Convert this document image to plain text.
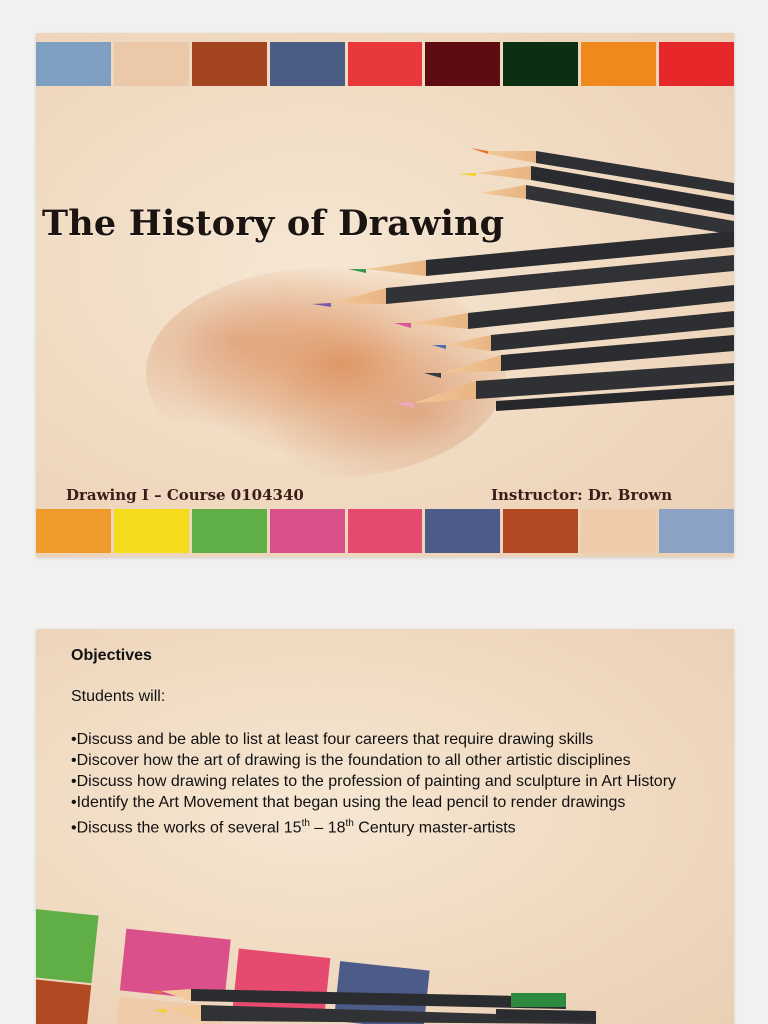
The History of Drawing
Drawing I – Course 0104340	Instructor: Dr. Brown
Objectives

Students will:

•Discuss and be able to list at least four careers that require drawing skills
•Discover how the art of drawing is the foundation to all other artistic disciplines
•Discuss how drawing relates to the profession of painting and sculpture in Art History
•Identify the Art Movement that began using the lead pencil to render drawings
•Discuss the works of several 15th – 18th Century master-artists
